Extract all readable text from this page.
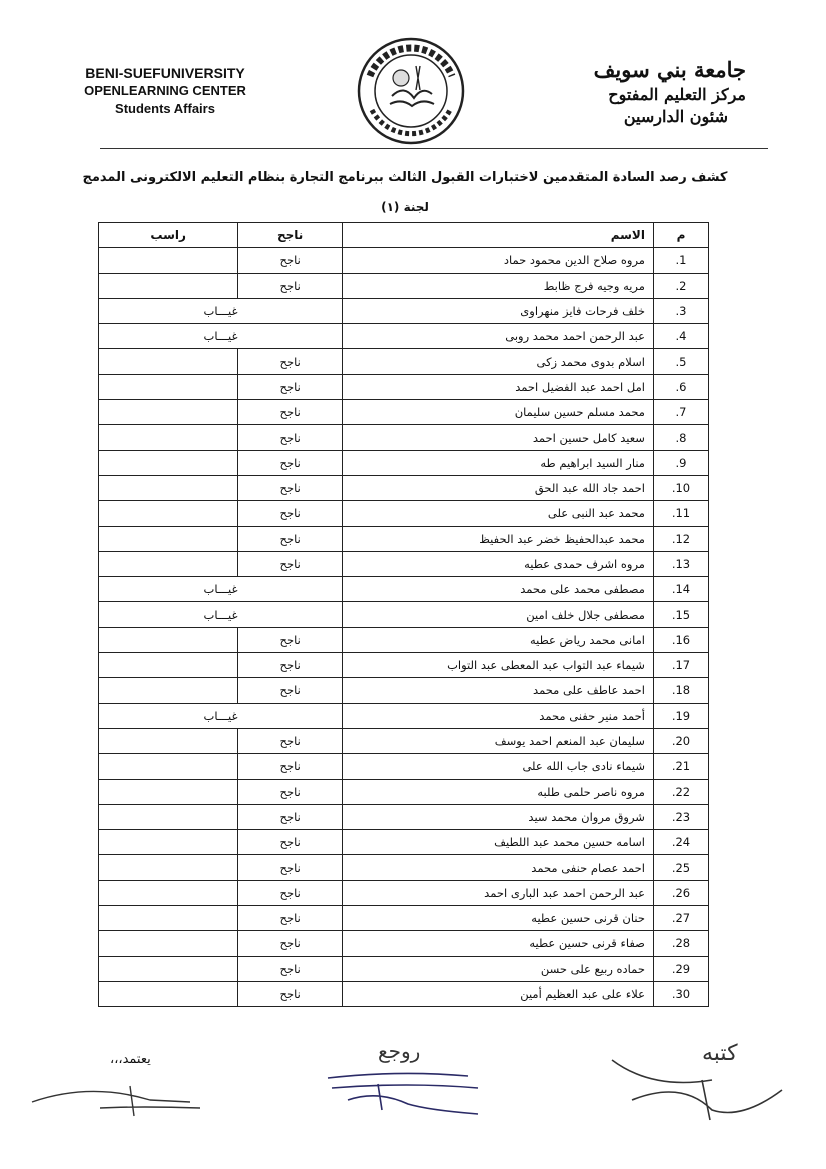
BENI-SUEFUNIVERSITY
OPENLEARNING CENTER
Students Affairs
جامعة بني سويف
مركز التعليم المفتوح
شئون الدارسين
كشف رصد السادة المتقدمين لاختبارات القبول الثالث ببرنامج التجارة بنظام التعليم الالكترونى المدمج
لجنة (١)
م	الاسم	ناجح	راسب
1.	مروه صلاح الدين محمود حماد	ناجح	
2.	مريه وجيه فرج ظابط	ناجح	
3.	خلف فرحات فايز منهراوى	غيـــاب	
4.	عبد الرحمن احمد محمد روبى	غيـــاب	
5.	اسلام بدوى محمد زكى	ناجح	
6.	امل احمد عبد الفضيل احمد	ناجح	
7.	محمد مسلم حسين سليمان	ناجح	
8.	سعيد كامل حسين احمد	ناجح	
9.	منار السيد ابراهيم طه	ناجح	
10.	احمد جاد الله عبد الحق	ناجح	
11.	محمد عبد النبى على	ناجح	
12.	محمد عبدالحفيظ خضر عبد الحفيظ	ناجح	
13.	مروه اشرف حمدى عطيه	ناجح	
14.	مصطفى محمد على محمد	غيـــاب	
15.	مصطفى جلال خلف امين	غيـــاب	
16.	امانى محمد رياض عطيه	ناجح	
17.	شيماء عبد التواب عبد المعطى عبد التواب	ناجح	
18.	احمد عاطف على محمد	ناجح	
19.	أحمد منير حفنى محمد	غيـــاب	
20.	سليمان عبد المنعم احمد يوسف	ناجح	
21.	شيماء نادى جاب الله على	ناجح	
22.	مروه ناصر حلمى طلبه	ناجح	
23.	شروق مروان محمد سيد	ناجح	
24.	اسامه حسين محمد عبد اللطيف	ناجح	
25.	احمد عصام حنفى محمد	ناجح	
26.	عبد الرحمن احمد عبد البارى احمد	ناجح	
27.	حنان قرنى حسين عطيه	ناجح	
28.	صفاء قرنى حسين عطيه	ناجح	
29.	حماده ربيع على حسن	ناجح	
30.	علاء على عبد العظيم أمين	ناجح	
يعتمد،،،	روجع	كتبه
